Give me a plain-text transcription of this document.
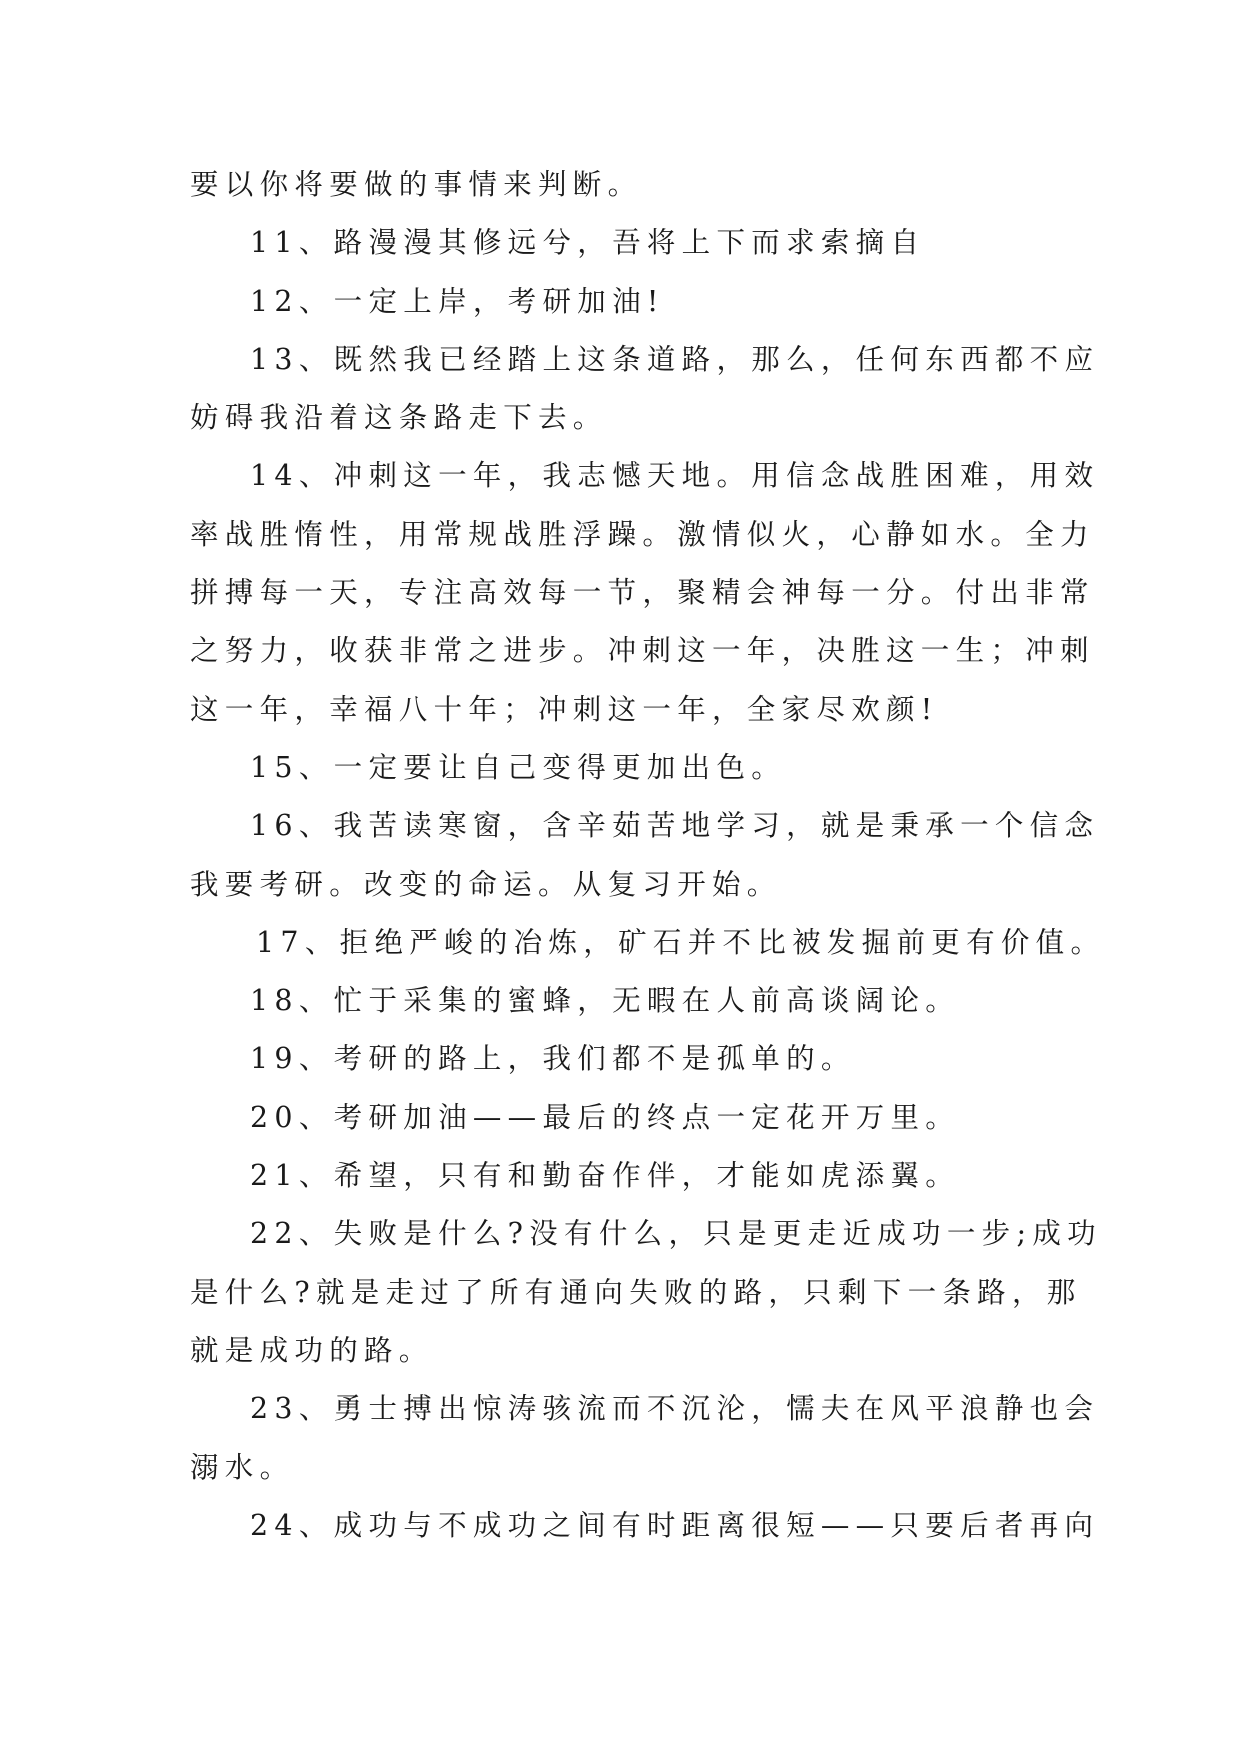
要以你将要做的事情来判断。
11、路漫漫其修远兮，吾将上下而求索摘自
12、一定上岸，考研加油!
13、既然我已经踏上这条道路，那么，任何东西都不应
妨碍我沿着这条路走下去。
14、冲刺这一年，我志憾天地。用信念战胜困难，用效
率战胜惰性，用常规战胜浮躁。激情似火，心静如水。全力
拼搏每一天，专注高效每一节，聚精会神每一分。付出非常
之努力，收获非常之进步。冲刺这一年，决胜这一生；冲刺
这一年，幸福八十年；冲刺这一年，全家尽欢颜!
15、一定要让自己变得更加出色。
16、我苦读寒窗，含辛茹苦地学习，就是秉承一个信念
我要考研。改变的命运。从复习开始。
17、拒绝严峻的冶炼，矿石并不比被发掘前更有价值。
18、忙于采集的蜜蜂，无暇在人前高谈阔论。
19、考研的路上，我们都不是孤单的。
20、考研加油——最后的终点一定花开万里。
21、希望，只有和勤奋作伴，才能如虎添翼。
22、失败是什么?没有什么，只是更走近成功一步;成功
是什么?就是走过了所有通向失败的路，只剩下一条路，那
就是成功的路。
23、勇士搏出惊涛骇流而不沉沦，懦夫在风平浪静也会
溺水。
24、成功与不成功之间有时距离很短——只要后者再向
